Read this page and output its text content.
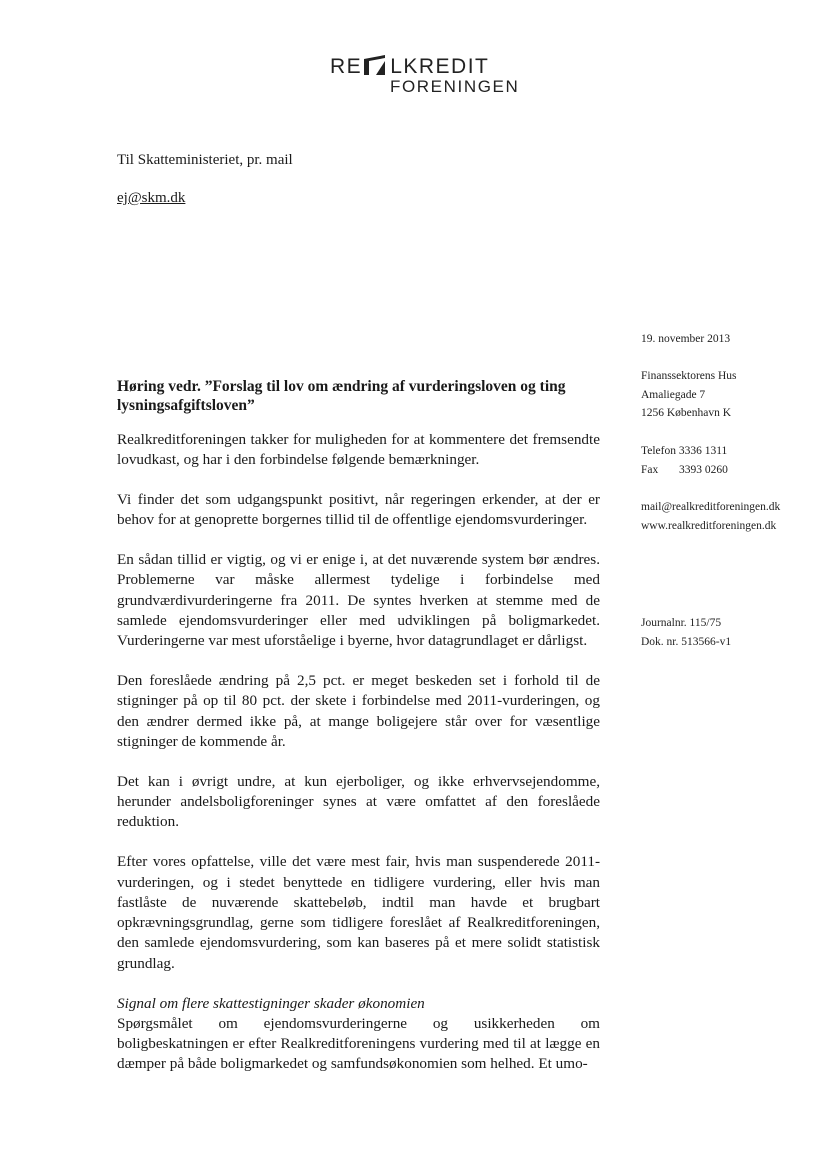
RE LKREDIT
FORENINGEN
Til Skatteministeriet, pr. mail
ej@skm.dk
19. november 2013
Finanssektorens Hus
Amaliegade 7
1256 København K
Telefon 3336 1311
Fax 3393 0260
mail@realkreditforeningen.dk
www.realkreditforeningen.dk
Journalnr. 115/75
Dok. nr. 513566-v1
Høring vedr. ”Forslag til lov om ændring af vurderingsloven og ting lysningsafgiftsloven”

Realkreditforeningen takker for muligheden for at kommentere det fremsendte lovudkast, og har i den forbindelse følgende bemærkninger.

Vi finder det som udgangspunkt positivt, når regeringen erkender, at der er behov for at genoprette borgernes tillid til de offentlige ejendomsvurderinger.

En sådan tillid er vigtig, og vi er enige i, at det nuværende system bør ændres. Problemerne var måske allermest tydelige i forbindelse med grundværdivurderingerne fra 2011. De syntes hverken at stemme med de samlede ejendomsvurderinger eller med udviklingen på boligmarkedet. Vurderingerne var mest uforståelige i byerne, hvor datagrundlaget er dårligst.

Den foreslåede ændring på 2,5 pct. er meget beskeden set i forhold til de stigninger på op til 80 pct. der skete i forbindelse med 2011-vurderingen, og den ændrer dermed ikke på, at mange boligejere står over for væsentlige stigninger de kommende år.

Det kan i øvrigt undre, at kun ejerboliger, og ikke erhvervsejendomme, herunder andelsboligforeninger synes at være omfattet af den foreslåede reduktion.

Efter vores opfattelse, ville det være mest fair, hvis man suspenderede 2011-vurderingen, og i stedet benyttede en tidligere vurdering, eller hvis man fastlåste de nuværende skattebeløb, indtil man havde et brugbart opkrævningsgrundlag, gerne som tidligere foreslået af Realkreditforeningen, den samlede ejendomsvurdering, som kan baseres på et mere solidt statistisk grundlag.

Signal om flere skattestigninger skader økonomien

Spørgsmålet om ejendomsvurderingerne og usikkerheden om boligbeskatningen er efter Realkreditforeningens vurdering med til at lægge en dæmper på både boligmarkedet og samfundsøkonomien som helhed. Et umo-
